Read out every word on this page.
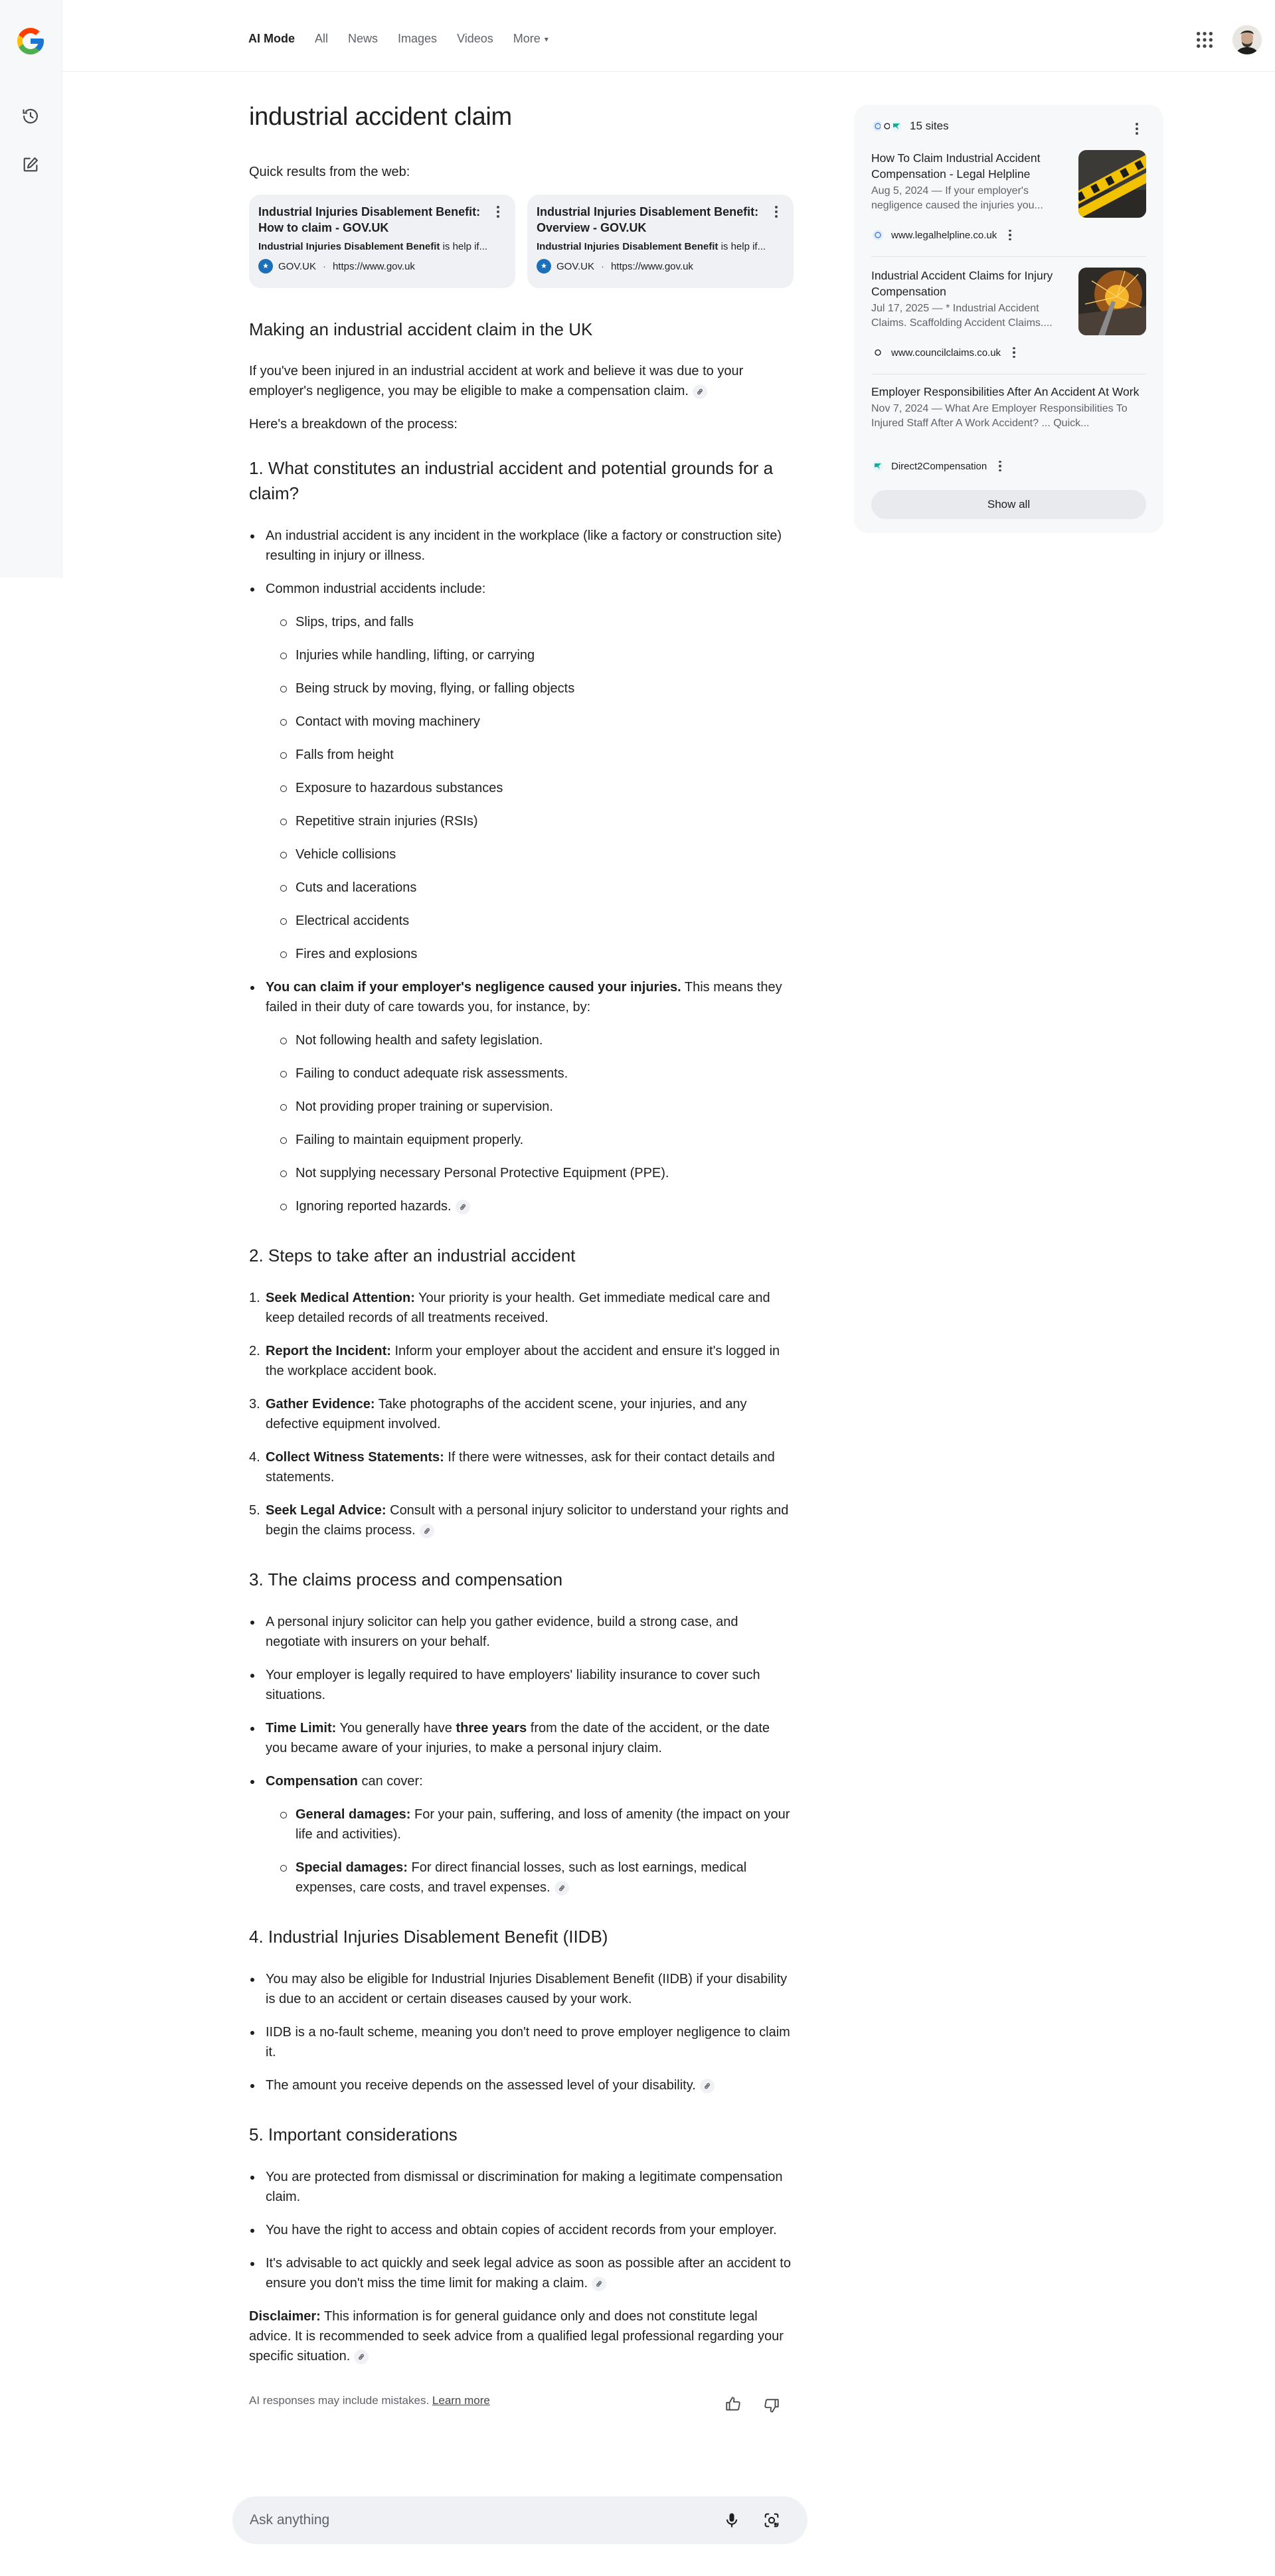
AI Mode All News Images Videos More ▾
industrial accident claim
Quick results from the web:
Industrial Injuries Disablement Benefit: How to claim - GOV.UK
Industrial Injuries Disablement Benefit is help if...
GOV.UK · https://www.gov.uk
Industrial Injuries Disablement Benefit: Overview - GOV.UK
Industrial Injuries Disablement Benefit is help if...
GOV.UK · https://www.gov.uk
Making an industrial accident claim in the UK

If you've been injured in an industrial accident at work and believe it was due to your employer's negligence, you may be eligible to make a compensation claim.

Here's a breakdown of the process:

1. What constitutes an industrial accident and potential grounds for a claim?
An industrial accident is any incident in the workplace (like a factory or construction site) resulting in injury or illness.
Common industrial accidents include:
Slips, trips, and falls
Injuries while handling, lifting, or carrying
Being struck by moving, flying, or falling objects
Contact with moving machinery
Falls from height
Exposure to hazardous substances
Repetitive strain injuries (RSIs)
Vehicle collisions
Cuts and lacerations
Electrical accidents
Fires and explosions
You can claim if your employer's negligence caused your injuries. This means they failed in their duty of care towards you, for instance, by:
Not following health and safety legislation.
Failing to conduct adequate risk assessments.
Not providing proper training or supervision.
Failing to maintain equipment properly.
Not supplying necessary Personal Protective Equipment (PPE).
Ignoring reported hazards.
2. Steps to take after an industrial accident
1. Seek Medical Attention: Your priority is your health. Get immediate medical care and keep detailed records of all treatments received.
2. Report the Incident: Inform your employer about the accident and ensure it's logged in the workplace accident book.
3. Gather Evidence: Take photographs of the accident scene, your injuries, and any defective equipment involved.
4. Collect Witness Statements: If there were witnesses, ask for their contact details and statements.
5. Seek Legal Advice: Consult with a personal injury solicitor to understand your rights and begin the claims process.
3. The claims process and compensation
A personal injury solicitor can help you gather evidence, build a strong case, and negotiate with insurers on your behalf.
Your employer is legally required to have employers' liability insurance to cover such situations.
Time Limit: You generally have three years from the date of the accident, or the date you became aware of your injuries, to make a personal injury claim.
Compensation can cover:
General damages: For your pain, suffering, and loss of amenity (the impact on your life and activities).
Special damages: For direct financial losses, such as lost earnings, medical expenses, care costs, and travel expenses.
4. Industrial Injuries Disablement Benefit (IIDB)
You may also be eligible for Industrial Injuries Disablement Benefit (IIDB) if your disability is due to an accident or certain diseases caused by your work.
IIDB is a no-fault scheme, meaning you don't need to prove employer negligence to claim it.
The amount you receive depends on the assessed level of your disability.
5. Important considerations
You are protected from dismissal or discrimination for making a legitimate compensation claim.
You have the right to access and obtain copies of accident records from your employer.
It's advisable to act quickly and seek legal advice as soon as possible after an accident to ensure you don't miss the time limit for making a claim.

Disclaimer: This information is for general guidance only and does not constitute legal advice. It is recommended to seek advice from a qualified legal professional regarding your specific situation.

AI responses may include mistakes. Learn more
15 sites
How To Claim Industrial Accident Compensation - Legal Helpline
Aug 5, 2024 — If your employer's negligence caused the injuries you...
www.legalhelpline.co.uk
Industrial Accident Claims for Injury Compensation
Jul 17, 2025 — * Industrial Accident Claims. Scaffolding Accident Claims....
www.councilclaims.co.uk
Employer Responsibilities After An Accident At Work
Nov 7, 2024 — What Are Employer Responsibilities To Injured Staff After A Work Accident? ... Quick...
Direct2Compensation
Show all
Ask anything
